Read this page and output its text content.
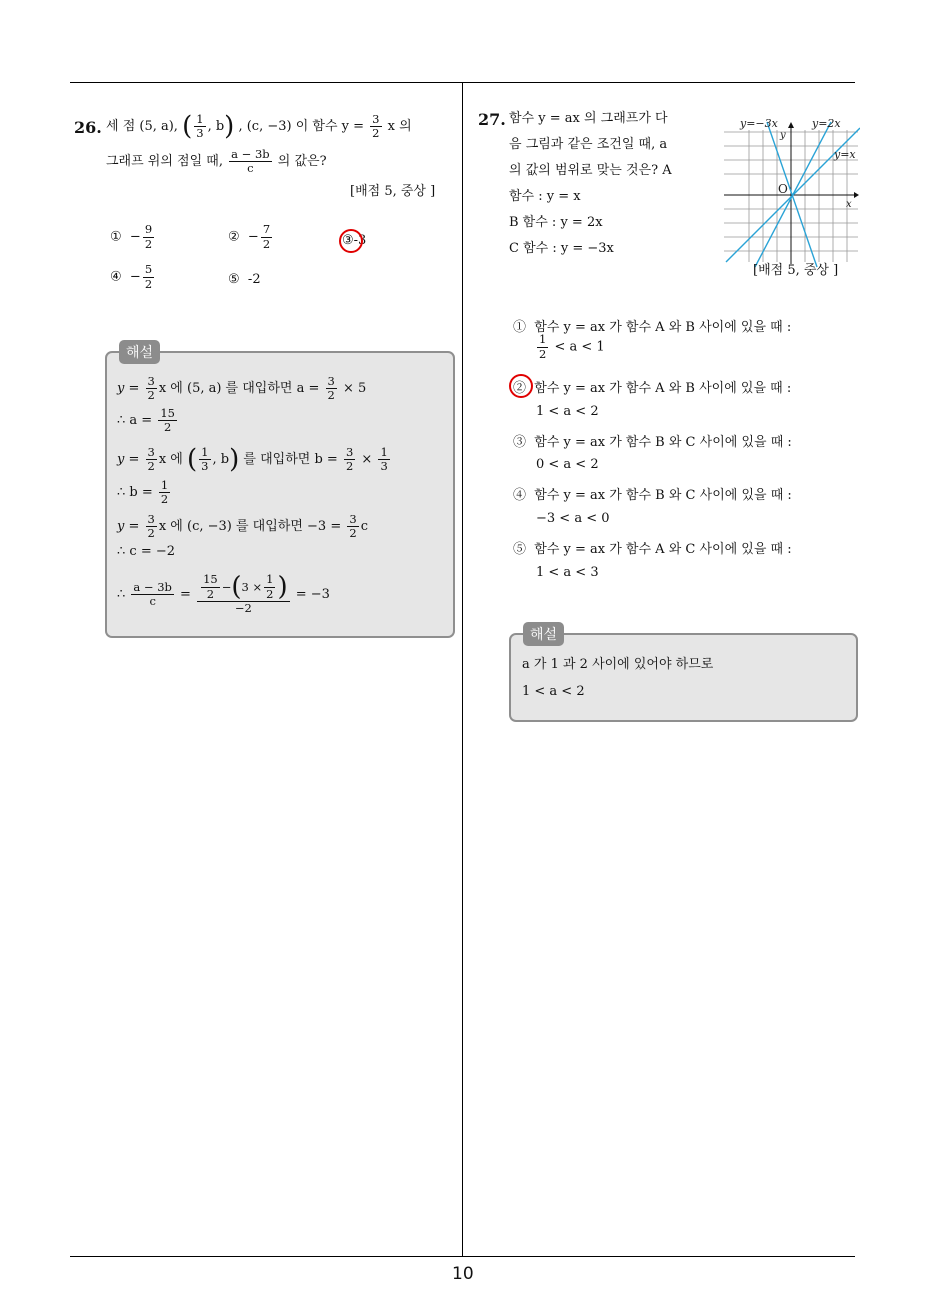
10
26. 세 점 (5, a), ( $\frac{1}{3}$ , b) , (c, −3) 이 함수 $y = \frac{3}{2}$ x 의
그래프 위의 점일 때, $\frac{a - 3b}{c}$ 의 값은?
[배점 5, 중상 ]
① − $\frac{9}{2}$	② − $\frac{7}{2}$	③-3
④ − $\frac{5}{2}$	⑤ -2
해설
$y = \frac{3}{2}$ x 에 (5, a) 를 대입하면 $a = \frac{3}{2} \times 5$
∴ $a = \frac{15}{2}$
$y = \frac{3}{2}$ x 에 ( $\frac{1}{3}$ , b) 를 대입하면 $b = \frac{3}{2} \times \frac{1}{3}$
∴ $b = \frac{1}{2}$
$y = \frac{3}{2}$ x 에 (c, −3) 를 대입하면 $-3 = \frac{3}{2}$ c
∴ c = −2
∴ $\frac{a - 3b}{c} = \frac{\frac{15}{2} - ( 3 \times \frac{1}{2} )}{-2} = -3$
27. 함수 y = ax 의 그래프가 다
음 그림과 같은 조건일 때, a
의 값의 범위로 맞는 것은? A
함수 : y = x
B 함수 : y = 2x
C 함수 : y = −3x
y=−3x	y=2x
y=x
y
x
O
[배점 5, 중상 ]
① 함수 y = ax 가 함수 A 와 B 사이에 있을 때 :
$\frac{1}{2} < a < 1$
② 함수 y = ax 가 함수 A 와 B 사이에 있을 때 :
1 < a < 2
③ 함수 y = ax 가 함수 B 와 C 사이에 있을 때 :
0 < a < 2
④ 함수 y = ax 가 함수 B 와 C 사이에 있을 때 :
−3 < a < 0
⑤ 함수 y = ax 가 함수 A 와 C 사이에 있을 때 :
1 < a < 3
해설
a 가 1 과 2 사이에 있어야 하므로
1 < a < 2
